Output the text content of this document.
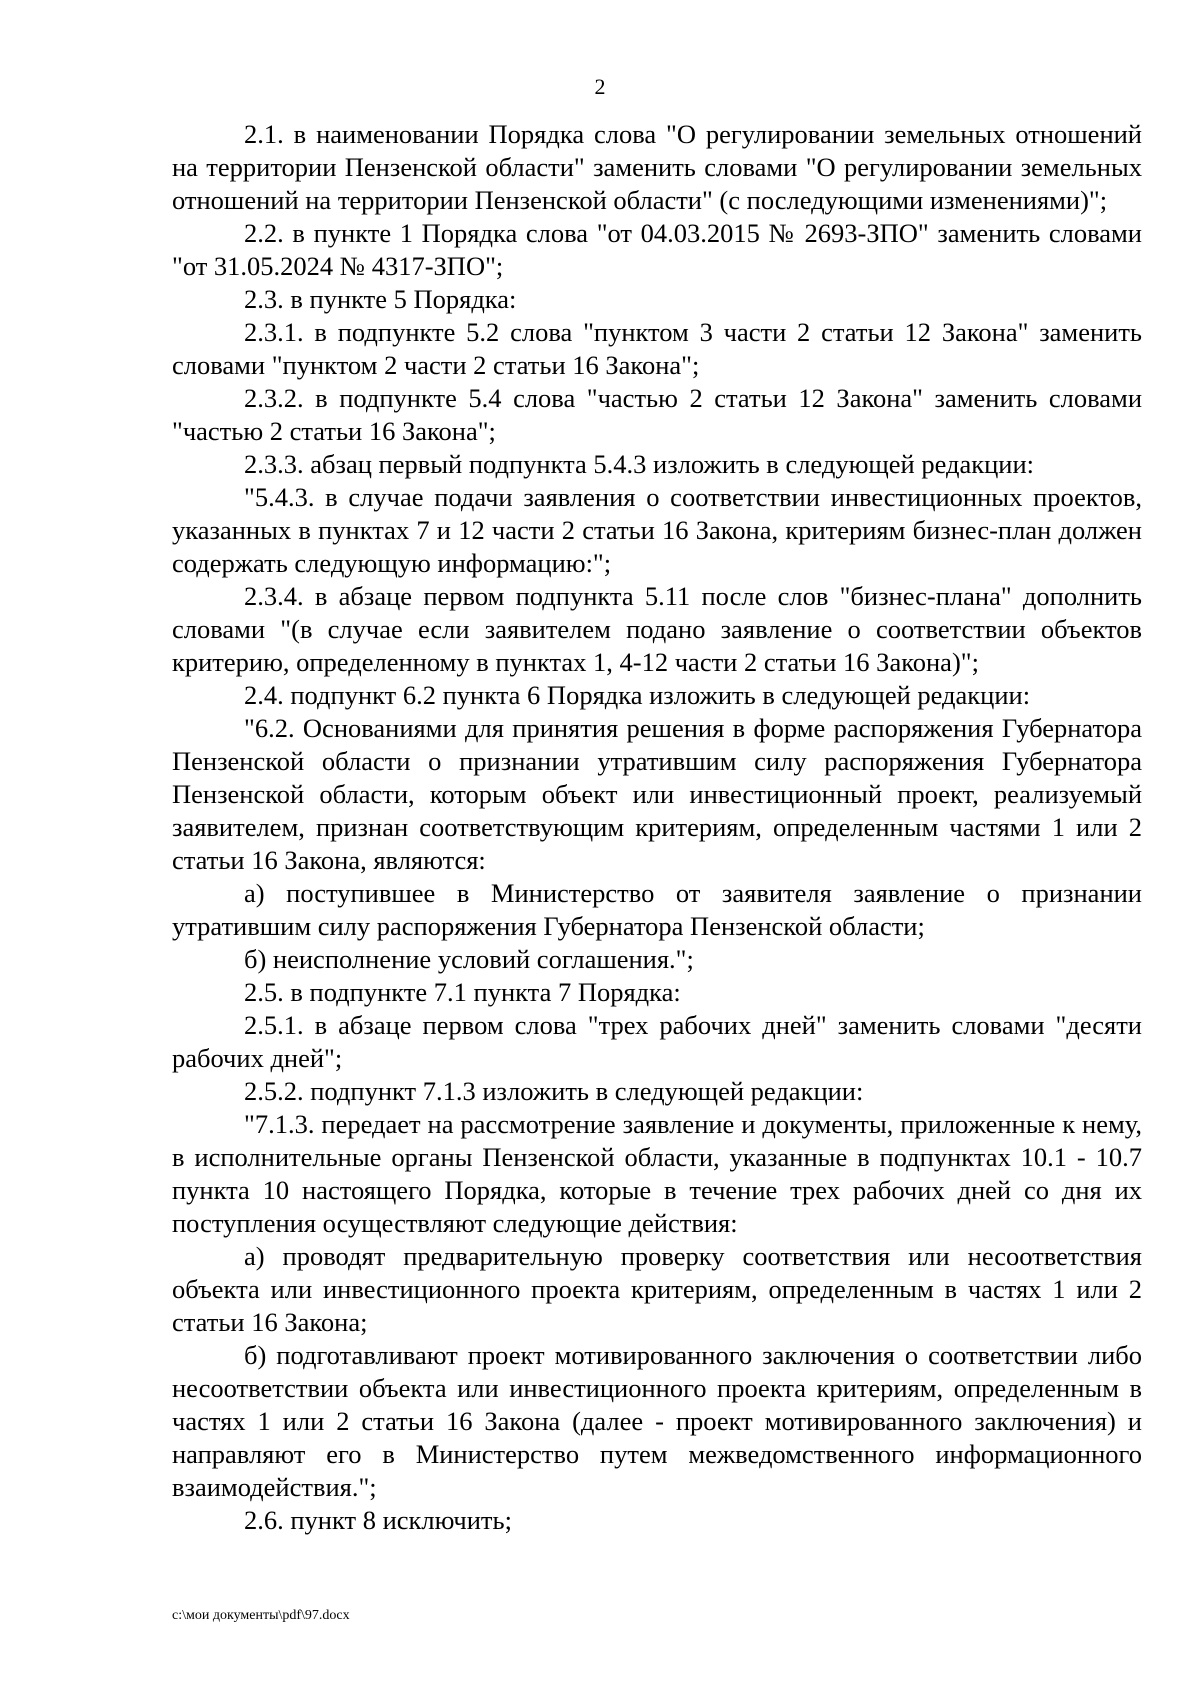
2

2.1. в наименовании Порядка слова "О регулировании земельных отношений на территории Пензенской области" заменить словами "О регулировании земельных отношений на территории Пензенской области" (с последующими изменениями)";

2.2. в пункте 1 Порядка слова "от 04.03.2015 № 2693-ЗПО" заменить словами "от 31.05.2024 № 4317-ЗПО";

2.3. в пункте 5 Порядка:

2.3.1. в подпункте 5.2 слова "пунктом 3 части 2 статьи 12 Закона" заменить словами "пунктом 2 части 2 статьи 16 Закона";

2.3.2. в подпункте 5.4 слова "частью 2 статьи 12 Закона" заменить словами "частью 2 статьи 16 Закона";

2.3.3. абзац первый подпункта 5.4.3 изложить в следующей редакции:

"5.4.3. в случае подачи заявления о соответствии инвестиционных проектов, указанных в пунктах 7 и 12 части 2 статьи 16 Закона, критериям бизнес-план должен содержать следующую информацию:";

2.3.4. в абзаце первом подпункта 5.11 после слов "бизнес-плана" дополнить словами "(в случае если заявителем подано заявление о соответствии объектов критерию, определенному в пунктах 1, 4-12 части 2 статьи 16 Закона)";

2.4. подпункт 6.2 пункта 6 Порядка изложить в следующей редакции:

"6.2. Основаниями для принятия решения в форме распоряжения Губернатора Пензенской области о признании утратившим силу распоряжения Губернатора Пензенской области, которым объект или инвестиционный проект, реализуемый заявителем, признан соответствующим критериям, определенным частями 1 или 2 статьи 16 Закона, являются:

а) поступившее в Министерство от заявителя заявление о признании утратившим силу распоряжения Губернатора Пензенской области;

б) неисполнение условий соглашения.";

2.5. в подпункте 7.1 пункта 7 Порядка:

2.5.1. в абзаце первом слова "трех рабочих дней" заменить словами "десяти рабочих дней";

2.5.2. подпункт 7.1.3 изложить в следующей редакции:

"7.1.3. передает на рассмотрение заявление и документы, приложенные к нему, в исполнительные органы Пензенской области, указанные в подпунктах 10.1 - 10.7 пункта 10 настоящего Порядка, которые в течение трех рабочих дней со дня их поступления осуществляют следующие действия:

а) проводят предварительную проверку соответствия или несоответствия объекта или инвестиционного проекта критериям, определенным в частях 1 или 2 статьи 16 Закона;

б) подготавливают проект мотивированного заключения о соответствии либо несоответствии объекта или инвестиционного проекта критериям, определенным в частях 1 или 2 статьи 16 Закона (далее - проект мотивированного заключения) и направляют его в Министерство путем межведомственного информационного взаимодействия.";

2.6. пункт 8 исключить;

c:\мои документы\pdf\97.docx
